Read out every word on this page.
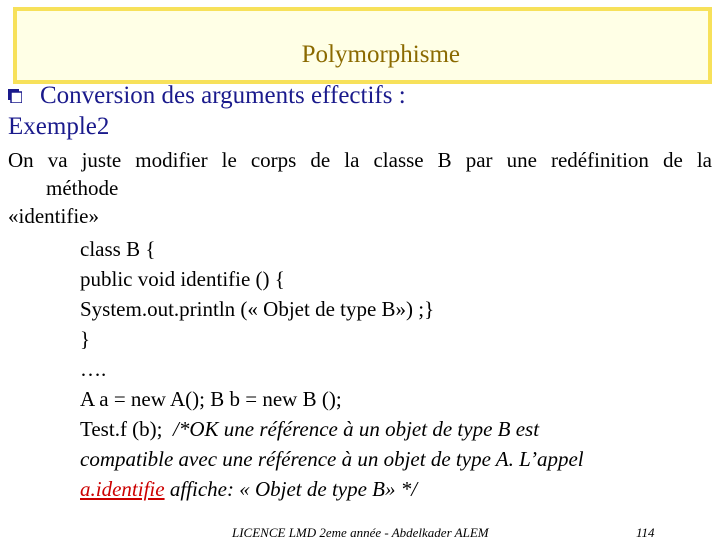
Polymorphisme
Conversion des arguments effectifs :
Exemple2
On va juste modifier le corps de la classe B par une redéfinition de la
méthode
«identifie»
class B {
public void identifie () {
System.out.println (« Objet de type B») ;}
}
….
A a = new A(); B b = new B ();
Test.f (b);  /*OK une référence à un objet de type B est
compatible avec une référence à un objet de type A. L’appel
a.identifie affiche: « Objet de type B» */
LICENCE LMD 2eme année - Abdelkader ALEM	114
